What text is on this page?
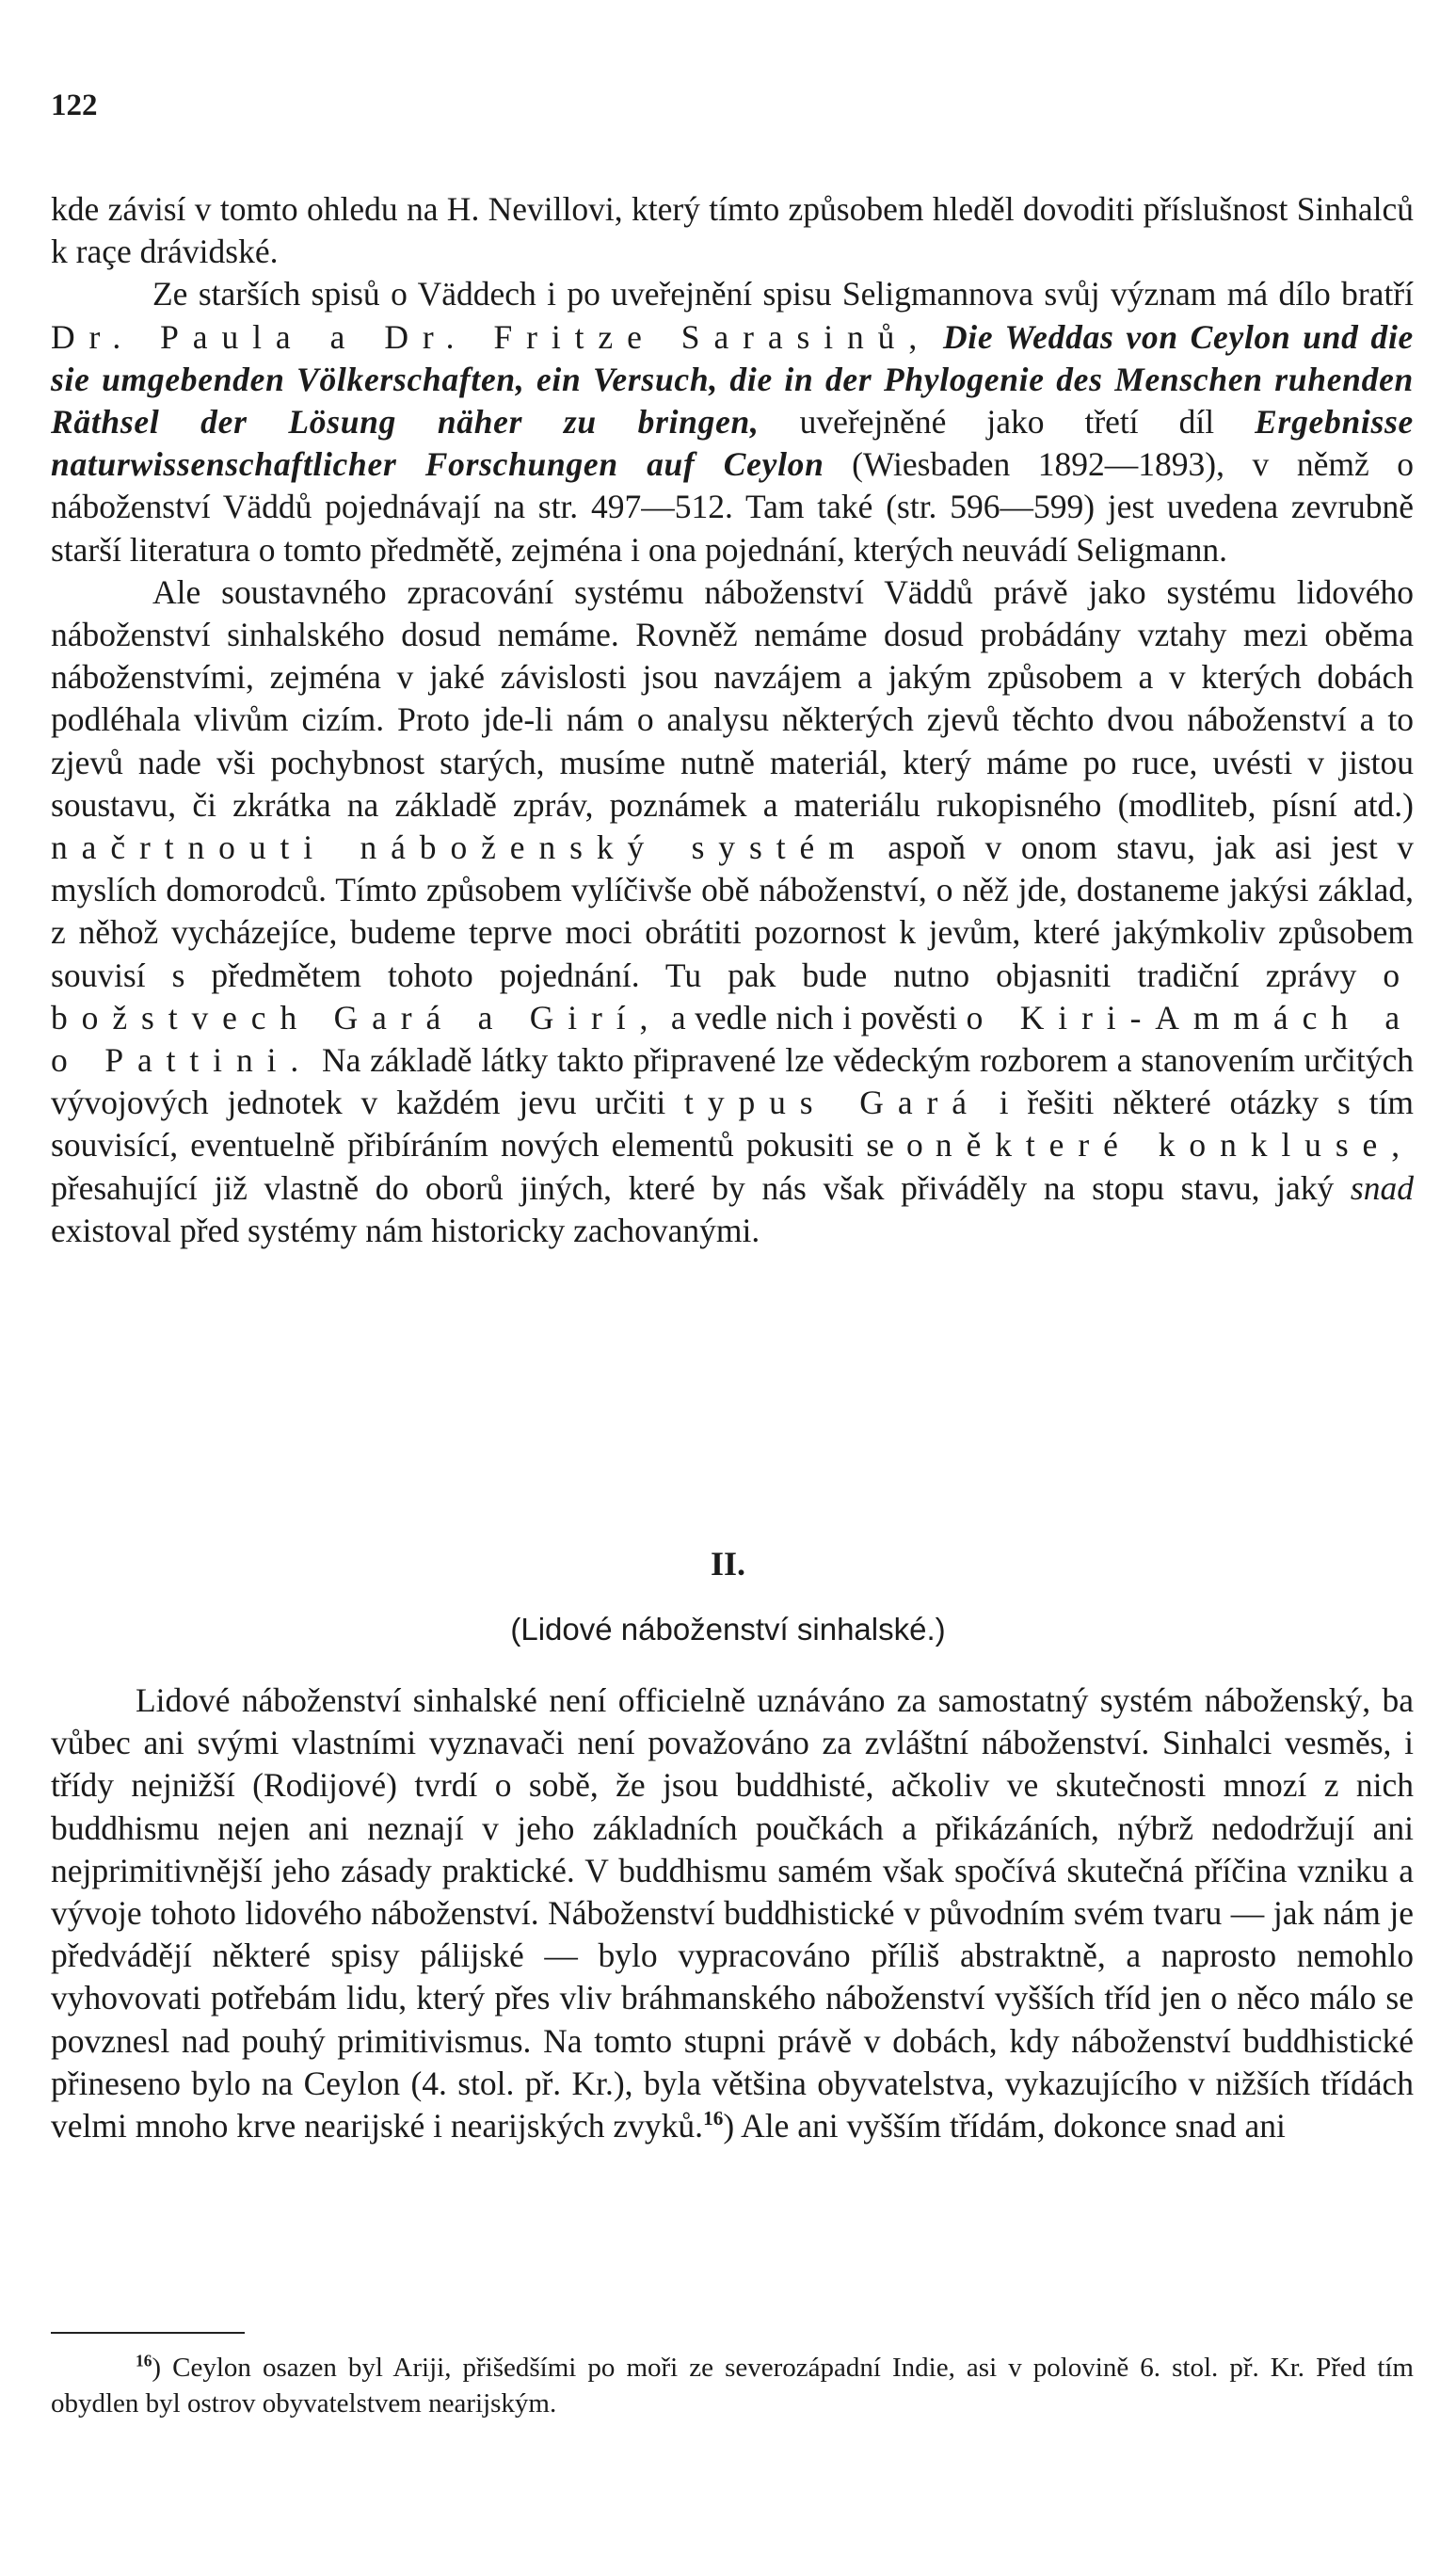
122

kde závisí v tomto ohledu na H. Nevillovi, který tímto způsobem hleděl dovoditi příslušnost Sinhalců k raçe drávidské.

Ze starších spisů o Väddech i po uveřejnění spisu Seligmannova svůj význam má dílo bratří Dr. Paula a Dr. Fritze Sarasinů, Die Weddas von Ceylon und die sie umgebenden Völkerschaften, ein Versuch, die in der Phylogenie des Menschen ruhenden Räthsel der Lösung näher zu bringen, uveřejněné jako třetí díl Ergebnisse naturwissenschaftlicher Forschungen auf Ceylon (Wiesbaden 1892—1893), v němž o náboženství Väddů pojednávají na str. 497—512. Tam také (str. 596—599) jest uvedena zevrubně starší literatura o tomto předmětě, zejména i ona pojednání, kterých neuvádí Seligmann.

Ale soustavného zpracování systému náboženství Väddů právě jako systému lidového náboženství sinhalského dosud nemáme. Rovněž nemáme dosud probádány vztahy mezi oběma náboženstvími, zejména v jaké závislosti jsou navzájem a jakým způsobem a v kterých dobách podléhala vlivům cizím. Proto jde-li nám o analysu některých zjevů těchto dvou náboženství a to zjevů nade vši pochybnost starých, musíme nutně materiál, který máme po ruce, uvésti v jistou soustavu, či zkrátka na základě zpráv, poznámek a materiálu rukopisného (modliteb, písní atd.) načrtnouti náboženský systém aspoň v onom stavu, jak asi jest v myslích domorodců. Tímto způsobem vylíčivše obě náboženství, o něž jde, dostaneme jakýsi základ, z něhož vycházejíce, budeme teprve moci obrátiti pozornost k jevům, které jakýmkoliv způsobem souvisí s předmětem tohoto pojednání. Tu pak bude nutno objasniti tradiční zprávy o božstvech Gará a Girí, a vedle nich i pověsti o Kiri-Ammách a o Pattini. Na základě látky takto připravené lze vědeckým rozborem a stanovením určitých vývojových jednotek v každém jevu určiti typus Gará i řešiti některé otázky s tím souvisící, eventuelně přibíráním nových elementů pokusiti se o některé konkluse, přesahující již vlastně do oborů jiných, které by nás však přiváděly na stopu stavu, jaký snad existoval před systémy nám historicky zachovanými.

II.
(Lidové náboženství sinhalské.)

Lidové náboženství sinhalské není officielně uznáváno za samostatný systém náboženský, ba vůbec ani svými vlastními vyznavači není považováno za zvláštní náboženství. Sinhalci vesměs, i třídy nejnižší (Rodijové) tvrdí o sobě, že jsou buddhisté, ačkoliv ve skutečnosti mnozí z nich buddhismu nejen ani neznají v jeho základních poučkách a přikázáních, nýbrž nedodržují ani nejprimitivnější jeho zásady praktické. V buddhismu samém však spočívá skutečná příčina vzniku a vývoje tohoto lidového náboženství. Náboženství buddhistické v původním svém tvaru — jak nám je předvádějí některé spisy pálijské — bylo vypracováno příliš abstraktně, a naprosto nemohlo vyhovovati potřebám lidu, který přes vliv bráhmanského náboženství vyšších tříd jen o něco málo se povznesl nad pouhý primitivismus. Na tomto stupni právě v dobách, kdy náboženství buddhistické přineseno bylo na Ceylon (4. stol. př. Kr.), byla většina obyvatelstva, vykazujícího v nižších třídách velmi mnoho krve nearijské i nearijských zvyků.$^{16}$) Ale ani vyšším třídám, dokonce snad ani

$^{16}$) Ceylon osazen byl Ariji, přišedšími po moři ze severozápadní Indie, asi v polovině 6. stol. př. Kr. Před tím obydlen byl ostrov obyvatelstvem nearijským.
